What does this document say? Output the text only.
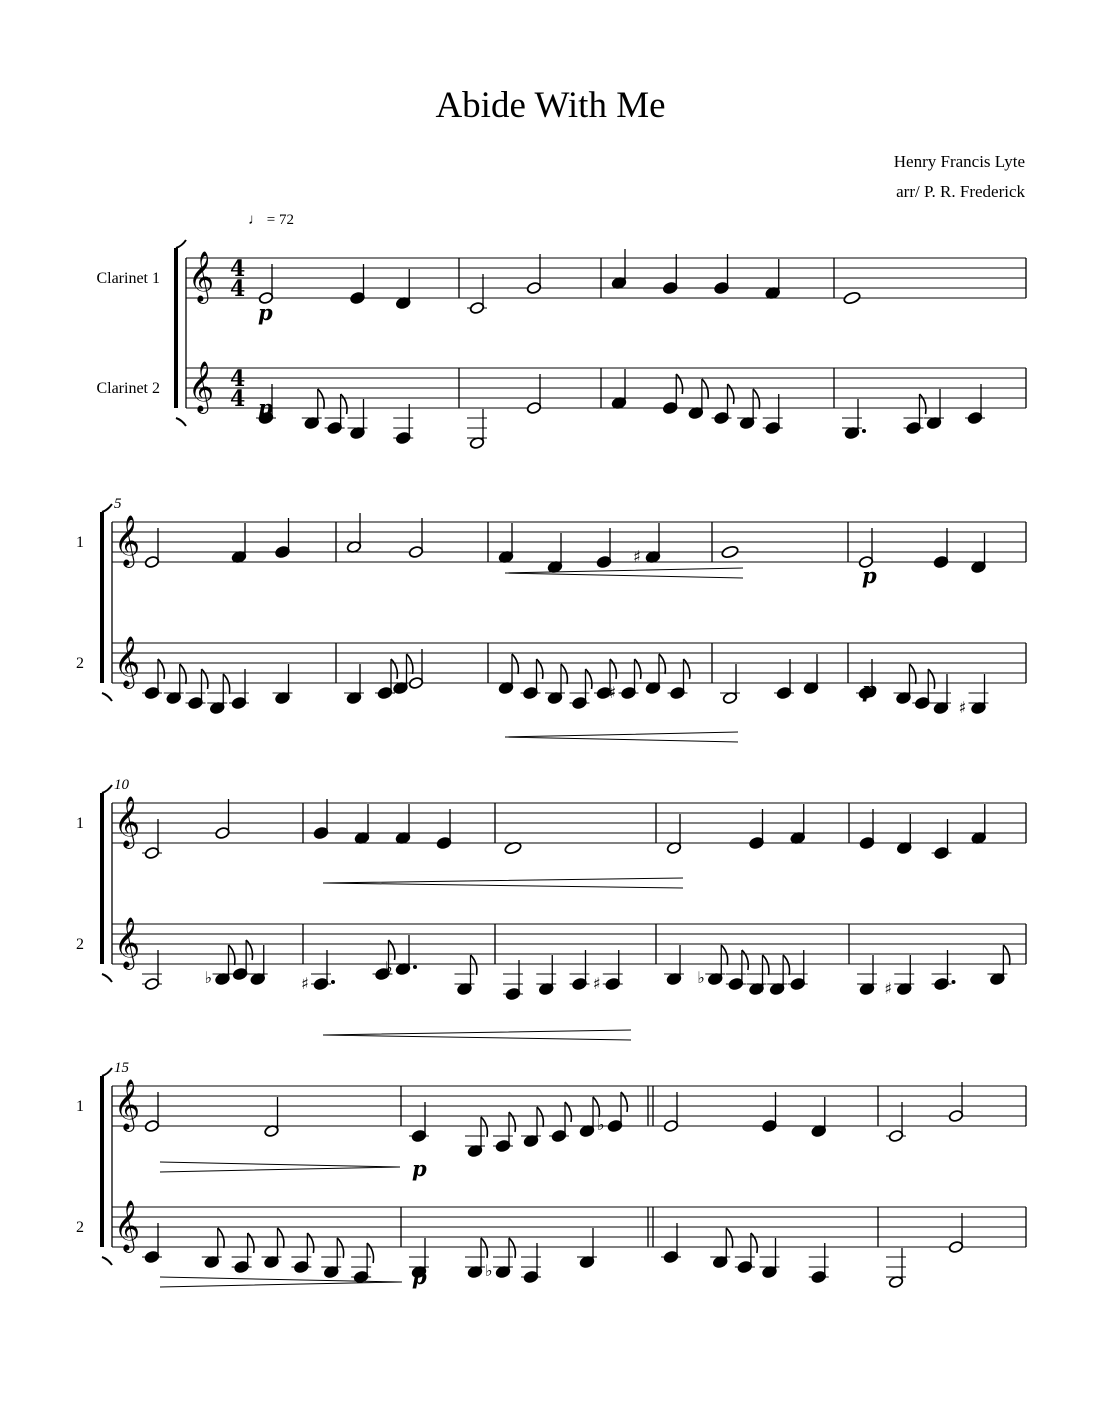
Abide With Me
Henry Francis Lyte
arr/ P. R. Frederick
♩ = 72
𝄞
𝄞
Clarinet 1
Clarinet 2
4
4
4
4
𝄞
𝄞
1
2
5
♯
♯
♯
𝄞
𝄞
1
2
10
♭	♯
♭
♯	♭
♯	♯
𝄞
𝄞
1
2
15
♭
♭
p
p
p
p
p
p
